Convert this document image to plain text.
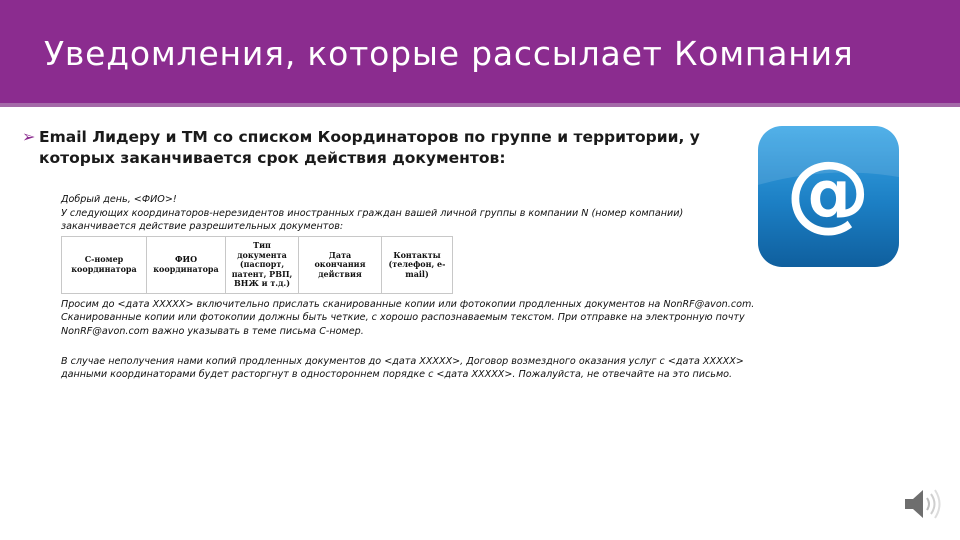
Уведомления, которые рассылает Компания
➢ Email Лидеру и ТМ со списком Координаторов по группе и территории, у которых заканчивается срок действия документов:

Добрый день, <ФИО>!

У следующих координаторов-нерезидентов иностранных граждан вашей личной группы в компании N (номер компании) заканчивается действие разрешительных документов:

С-номер координатора	ФИО координатора	Тип документа (паспорт, патент, РВП, ВНЖ и т.д.)	Дата окончания действия	Контакты (телефон, e-mail)

Просим до <дата ХХХХХ> включительно прислать сканированные копии или фотокопии продленных документов на NonRF@avon.com.

Сканированные копии или фотокопии должны быть четкие, с хорошо распознаваемым текстом. При отправке на электронную почту NonRF@avon.com важно указывать в теме письма С-номер.

В случае неполучения нами копий продленных документов до <дата ХХХХХ>, Договор возмездного оказания услуг с <дата ХХХХХ> данными координаторами будет расторгнут в одностороннем порядке с <дата ХХХХХ>. Пожалуйста, не отвечайте на это письмо.

@
